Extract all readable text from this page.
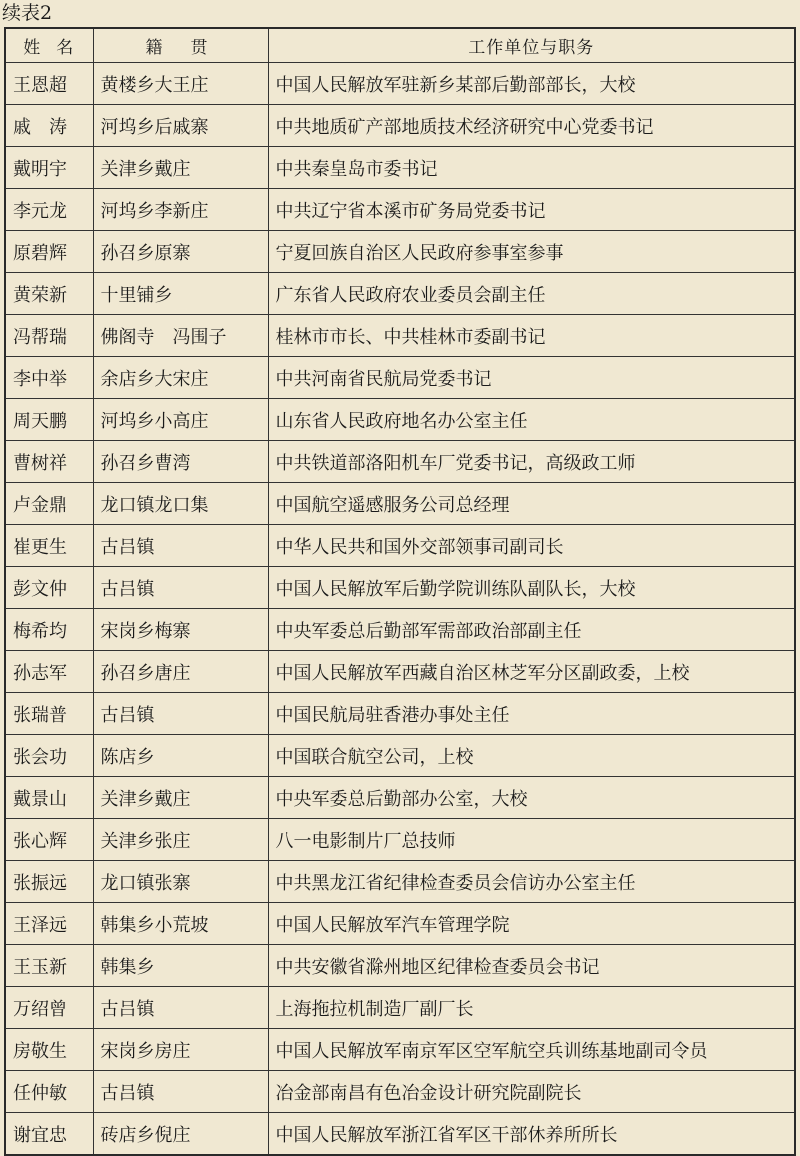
续表2
姓名	籍贯	工作单位与职务
王恩超	黄楼乡大王庄	中国人民解放军驻新乡某部后勤部部长，大校
戚　涛	河坞乡后戚寨	中共地质矿产部地质技术经济研究中心党委书记
戴明宇	关津乡戴庄	中共秦皇岛市委书记
李元龙	河坞乡李新庄	中共辽宁省本溪市矿务局党委书记
原碧辉	孙召乡原寨	宁夏回族自治区人民政府参事室参事
黄荣新	十里铺乡	广东省人民政府农业委员会副主任
冯帮瑞	佛阁寺　冯围子	桂林市市长、中共桂林市委副书记
李中举	余店乡大宋庄	中共河南省民航局党委书记
周天鹏	河坞乡小高庄	山东省人民政府地名办公室主任
曹树祥	孙召乡曹湾	中共铁道部洛阳机车厂党委书记，高级政工师
卢金鼎	龙口镇龙口集	中国航空遥感服务公司总经理
崔更生	古吕镇	中华人民共和国外交部领事司副司长
彭文仲	古吕镇	中国人民解放军后勤学院训练队副队长，大校
梅希均	宋岗乡梅寨	中央军委总后勤部军需部政治部副主任
孙志军	孙召乡唐庄	中国人民解放军西藏自治区林芝军分区副政委，上校
张瑞普	古吕镇	中国民航局驻香港办事处主任
张会功	陈店乡	中国联合航空公司，上校
戴景山	关津乡戴庄	中央军委总后勤部办公室，大校
张心辉	关津乡张庄	八一电影制片厂总技师
张振远	龙口镇张寨	中共黑龙江省纪律检查委员会信访办公室主任
王泽远	韩集乡小荒坡	中国人民解放军汽车管理学院
王玉新	韩集乡	中共安徽省滁州地区纪律检查委员会书记
万绍曾	古吕镇	上海拖拉机制造厂副厂长
房敬生	宋岗乡房庄	中国人民解放军南京军区空军航空兵训练基地副司令员
任仲敏	古吕镇	冶金部南昌有色冶金设计研究院副院长
谢宜忠	砖店乡倪庄	中国人民解放军浙江省军区干部休养所所长
